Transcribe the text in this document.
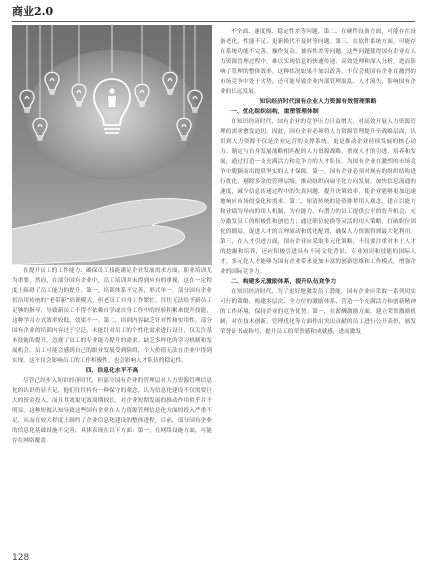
商业2.0

在提升员工的工作能力、确保员工技能满足企业发展需求方面，职业培训尤为重要。然而，在部分国有企业中，员工培训并未得到应有的重视，这在一定程度上阻碍了员工能力的提升。第一，培训体系不完善，形式单一。部分国有企业仍沿用传统的“老带新”培训模式，但老员工自身工作繁忙，往往无法给予新员工足够的指导，导致新员工不得不依赖自学或自身工作中的经验积累来提升技能，这种学习方式效率较低，效果不一。第二，培训内容缺乏针对性和实用性。部分国有企业的培训内容过于空泛，未能针对员工的个性化需求进行设计，仅关注基本技能的提升，忽视了员工的专业能力提升的需求。缺乏多样化的学习机制和发展机会，员工可能会感到自己的职业发展受到阻碍，个人价值无法在企业中得到实现，这不仅会影响员工的工作积极性，也会影响人才队伍的稳定性。

四、信息化水平不高

尽管已经步入知识经济时代，但部分国有企业的管理层对人力资源管理信息化的认识仍显不足，他们往往持有一种保守的观念，认为信息化建设不仅需要巨大的资金投入，而且其效果见效周期较长，对企业短期发展的推动作用似乎并不明显。这种短视认知导致这些国有企业在人力资源管理信息化方面的投入严重不足，从而在较大程度上制约了企业信息化建设的整体进程。目前，部分国有企业的信息化基础设施不完善，具体表现在以下方面：第一，在网络设施方面，可能存在网络覆盖

不全面、速度慢、稳定性差等问题。第二，在硬件设备方面，可能存在设备老化、性能不足、更新换代不及时等问题。第三，在软件系统方面，可能存在系统功能不完善、操作复杂、兼容性差等问题。这些问题使得国有企业在人力资源管理过程中，难以实现信息的快速传递、高效处理和深入分析，进而影响了管理的整体效率。这种状况如果不加以改善，不仅会使国有企业在激烈的市场竞争中处于劣势，还可能导致企业内部管理混乱、人才流失，影响国有企业的长远发展。

知识经济时代国有企业人力资源有效管理策略
一、优化组织结构，重塑管理体制

在知识经济时代，国有企业的竞争压力日益增大，对高效开展人力资源管理的需求愈发迫切。因此，国有企业必须将人力资源管理提升至战略层面，认识到人力资源不仅是企业运营的支撑系统，更是推动企业持续发展的核心动力。制定与自身发展战略相匹配的人力资源战略，重视人才的引进、培养和发展，通过打造一支充满活力和竞争力的人才队伍，为国有企业在激烈的市场竞争中脱颖而出提供坚实的人才保障。第一，国有企业必须对现有的组织结构进行优化，剔除多余的管理层级，推动组织向扁平化方向发展，加快信息流通的速度，减少信息传递过程中的失真问题，提升决策效率，使企业能够更加迅速地响应市场的变化和需求。第二，厘清传统的论资排辈用人观念，建立以能力和业绩为导向的用人机制，为有能力、有潜力的员工提供公平的晋升机会，充分激发员工的积极性和创造力；通过职位轮换等灵活的用人策略，打破职位固化的僵局，促进人才的合理流动和优化配置，确保人力资源得到最大化利用。第三，在人才引进方面，国有企业应采取多元化策略，不仅要注重对本土人才的挖掘和培养，还应积极引进具有不同文化背景、专业知识和技能的国际人才。多元化人才能够为国有企业带来更加丰富的创新思维和工作模式，增强企业的国际竞争力。

二、构建多元激励体系，提升队伍竞争力

在知识经济时代，为了更好地激发员工潜能，国有企业应采取一系列切实可行的策略，构建多层次、全方位的激励体系，营造一个充满活力和创新精神的工作环境，保持企业的竞争优势。第一，在薪酬激励方面，建立荣誉激励机制，对在技术创新、管理优化等方面作出突出贡献的员工进行公开表彰，颁发荣誉证书或称号，提升员工的荣誉感和成就感，进而激发

128
